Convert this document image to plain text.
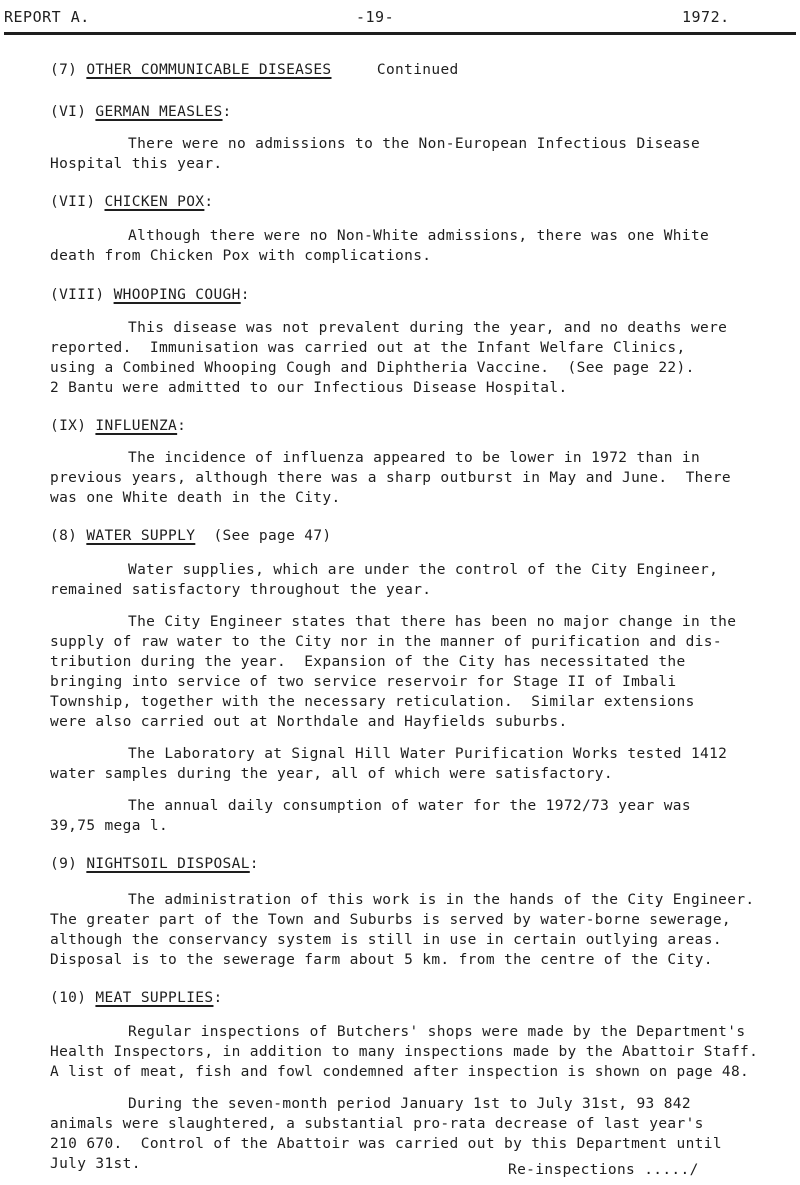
REPORT A.	-19-	1972.
(7) OTHER COMMUNICABLE DISEASES     Continued
(VI) GERMAN MEASLES:
There were no admissions to the Non-European Infectious Disease
Hospital this year.
(VII) CHICKEN POX:
Although there were no Non-White admissions, there was one White
death from Chicken Pox with complications.
(VIII) WHOOPING COUGH:
This disease was not prevalent during the year, and no deaths were
reported.  Immunisation was carried out at the Infant Welfare Clinics,
using a Combined Whooping Cough and Diphtheria Vaccine.  (See page 22).
2 Bantu were admitted to our Infectious Disease Hospital.
(IX) INFLUENZA:
The incidence of influenza appeared to be lower in 1972 than in
previous years, although there was a sharp outburst in May and June.  There
was one White death in the City.
(8) WATER SUPPLY  (See page 47)
Water supplies, which are under the control of the City Engineer,
remained satisfactory throughout the year.
The City Engineer states that there has been no major change in the
supply of raw water to the City nor in the manner of purification and dis-
tribution during the year.  Expansion of the City has necessitated the
bringing into service of two service reservoir for Stage II of Imbali
Township, together with the necessary reticulation.  Similar extensions
were also carried out at Northdale and Hayfields suburbs.
The Laboratory at Signal Hill Water Purification Works tested 1412
water samples during the year, all of which were satisfactory.
The annual daily consumption of water for the 1972/73 year was
39,75 mega l.
(9) NIGHTSOIL DISPOSAL:
The administration of this work is in the hands of the City Engineer.
The greater part of the Town and Suburbs is served by water-borne sewerage,
although the conservancy system is still in use in certain outlying areas.
Disposal is to the sewerage farm about 5 km. from the centre of the City.
(10) MEAT SUPPLIES:
Regular inspections of Butchers' shops were made by the Department's
Health Inspectors, in addition to many inspections made by the Abattoir Staff.
A list of meat, fish and fowl condemned after inspection is shown on page 48.
During the seven-month period January 1st to July 31st, 93 842
animals were slaughtered, a substantial pro-rata decrease of last year's
210 670.  Control of the Abattoir was carried out by this Department until
July 31st.	Re-inspections ...../
